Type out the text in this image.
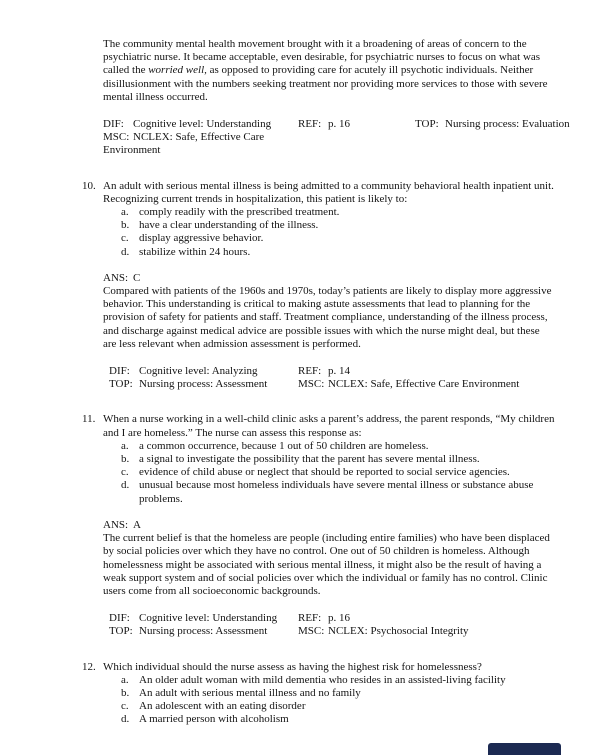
The community mental health movement brought with it a broadening of areas of concern to the psychiatric nurse. It became acceptable, even desirable, for psychiatric nurses to focus on what was called the worried well, as opposed to providing care for acutely ill psychotic individuals. Neither disillusionment with the numbers seeking treatment nor providing more services to those with severe mental illness occurred.

DIF: Cognitive level: Understanding	REF: p. 16	TOP: Nursing process: Evaluation
MSC: NCLEX: Safe, Effective Care Environment
10. An adult with serious mental illness is being admitted to a community behavioral health inpatient unit. Recognizing current trends in hospitalization, this patient is likely to:

a. comply readily with the prescribed treatment.
b. have a clear understanding of the illness.
c. display aggressive behavior.
d. stabilize within 24 hours.

ANS: C

Compared with patients of the 1960s and 1970s, today’s patients are likely to display more aggressive behavior. This understanding is critical to making astute assessments that lead to planning for the provision of safety for patients and staff. Treatment compliance, understanding of the illness process, and discharge against medical advice are possible issues with which the nurse might deal, but these are less relevant when admission assessment is performed.

DIF: Cognitive level: Analyzing	REF: p. 14
TOP: Nursing process: Assessment	MSC: NCLEX: Safe, Effective Care Environment
11. When a nurse working in a well-child clinic asks a parent’s address, the parent responds, “My children and I are homeless.” The nurse can assess this response as:

a. a common occurrence, because 1 out of 50 children are homeless.
b. a signal to investigate the possibility that the parent has severe mental illness.
c. evidence of child abuse or neglect that should be reported to social service agencies.
d. unusual because most homeless individuals have severe mental illness or substance abuse problems.

ANS: A

The current belief is that the homeless are people (including entire families) who have been displaced by social policies over which they have no control. One out of 50 children is homeless. Although homelessness might be associated with serious mental illness, it might also be the result of having a weak support system and of social policies over which the individual or family has no control. Clinic users come from all socioeconomic backgrounds.

DIF: Cognitive level: Understanding	REF: p. 16
TOP: Nursing process: Assessment	MSC: NCLEX: Psychosocial Integrity
12. Which individual should the nurse assess as having the highest risk for homelessness?

a. An older adult woman with mild dementia who resides in an assisted-living facility
b. An adult with serious mental illness and no family
c. An adolescent with an eating disorder
d. A married person with alcoholism
